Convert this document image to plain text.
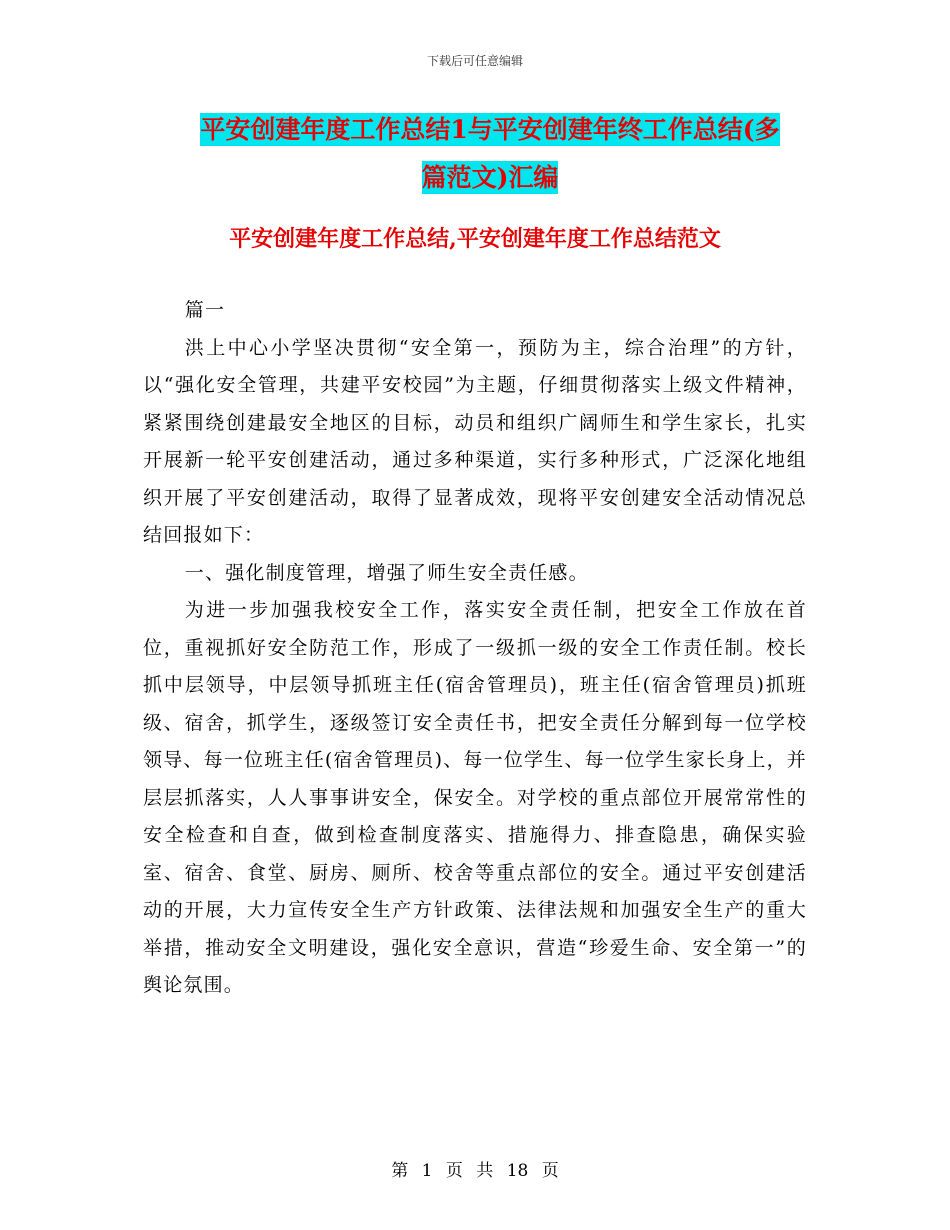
下载后可任意编辑
平安创建年度工作总结1与平安创建年终工作总结(多
篇范文)汇编
平安创建年度工作总结,平安创建年度工作总结范文

篇一

洪上中心小学坚决贯彻“安全第一，预防为主，综合治理”的方针，以“强化安全管理，共建平安校园”为主题，仔细贯彻落实上级文件精神，紧紧围绕创建最安全地区的目标，动员和组织广阔师生和学生家长，扎实开展新一轮平安创建活动，通过多种渠道，实行多种形式，广泛深化地组织开展了平安创建活动，取得了显著成效，现将平安创建安全活动情况总结回报如下：

一、强化制度管理，增强了师生安全责任感。

为进一步加强我校安全工作，落实安全责任制，把安全工作放在首位，重视抓好安全防范工作，形成了一级抓一级的安全工作责任制。校长抓中层领导，中层领导抓班主任(宿舍管理员)，班主任(宿舍管理员)抓班级、宿舍，抓学生，逐级签订安全责任书，把安全责任分解到每一位学校领导、每一位班主任(宿舍管理员)、每一位学生、每一位学生家长身上，并层层抓落实，人人事事讲安全，保安全。对学校的重点部位开展常常性的安全检查和自查，做到检查制度落实、措施得力、排查隐患，确保实验室、宿舍、食堂、厨房、厕所、校舍等重点部位的安全。通过平安创建活动的开展，大力宣传安全生产方针政策、法律法规和加强安全生产的重大举措，推动安全文明建设，强化安全意识，营造“珍爱生命、安全第一”的舆论氛围。

第 1 页 共 18 页
